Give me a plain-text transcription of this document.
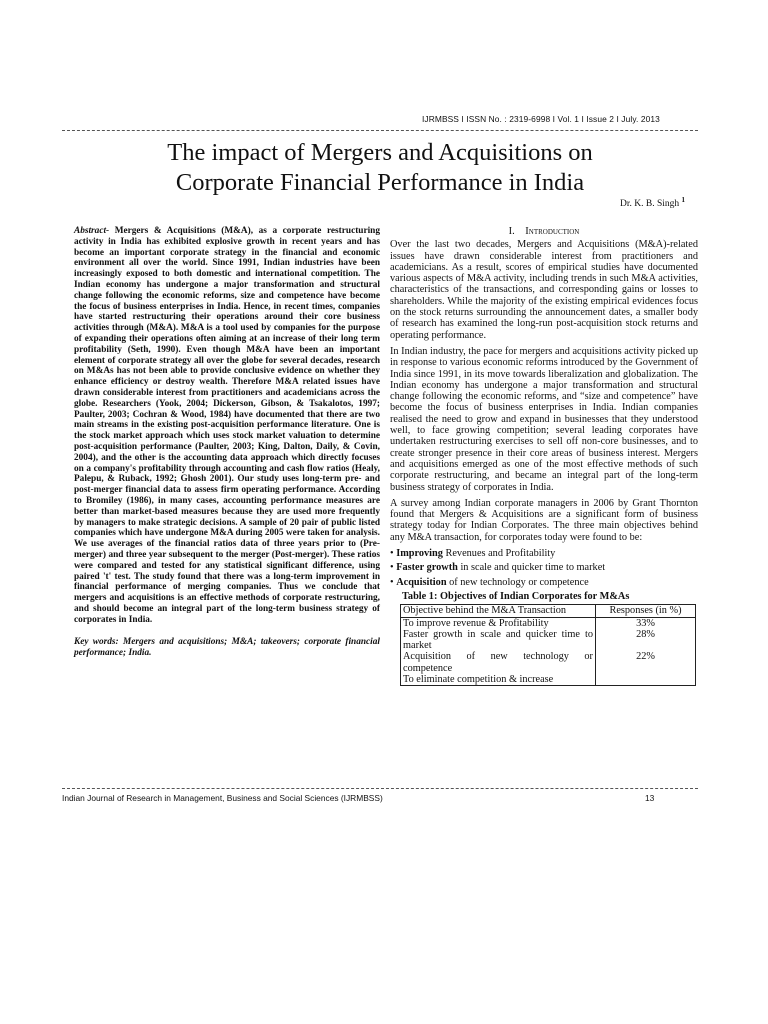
IJRMBSS I ISSN No. : 2319-6998 I Vol. 1 I Issue 2 I July. 2013
The impact of Mergers and Acquisitions on
Corporate Financial Performance in India
Dr. K. B. Singh $^1$

Abstract- Mergers & Acquisitions (M&A), as a corporate restructuring activity in India has exhibited explosive growth in recent years and has become an important corporate strategy in the financial and economic environment all over the world. Since 1991, Indian industries have been increasingly exposed to both domestic and international competition. The Indian economy has undergone a major transformation and structural change following the economic reforms, size and competence have become the focus of business enterprises in India. Hence, in recent times, companies have started restructuring their operations around their core business activities through (M&A). M&A is a tool used by companies for the purpose of expanding their operations often aiming at an increase of their long term profitability (Seth, 1990). Even though M&A have been an important element of corporate strategy all over the globe for several decades, research on M&As has not been able to provide conclusive evidence on whether they enhance efficiency or destroy wealth. Therefore M&A related issues have drawn considerable interest from practitioners and academicians across the globe. Researchers (Yook, 2004; Dickerson, Gibson, & Tsakalotos, 1997; Paulter, 2003; Cochran & Wood, 1984) have documented that there are two main streams in the existing post-acquisition performance literature. One is the stock market approach which uses stock market valuation to determine post-acquisition performance (Paulter, 2003; King, Dalton, Daily, & Covin, 2004), and the other is the accounting data approach which directly focuses on a company's profitability through accounting and cash flow ratios (Healy, Palepu, & Ruback, 1992; Ghosh 2001). Our study uses long-term pre- and post-merger financial data to assess firm operating performance. According to Bromiley (1986), in many cases, accounting performance measures are better than market-based measures because they are used more frequently by managers to make strategic decisions. A sample of 20 pair of public listed companies which have undergone M&A during 2005 were taken for analysis. We use averages of the financial ratios data of three years prior to (Pre-merger) and three year subsequent to the merger (Post-merger). These ratios were compared and tested for any statistical significant difference, using paired 't' test. The study found that there was a long-term improvement in financial performance of merging companies. Thus we conclude that mergers and acquisitions is an effective methods of corporate restructuring, and should become an integral part of the long-term business strategy of corporates in India.

Key words: Mergers and acquisitions; M&A; takeovers; corporate financial performance; India.

I. Introduction

Over the last two decades, Mergers and Acquisitions (M&A)-related issues have drawn considerable interest from practitioners and academicians. As a result, scores of empirical studies have documented various aspects of M&A activity, including trends in such M&A activities, characteristics of the transactions, and corresponding gains or losses to shareholders. While the majority of the existing empirical evidences focus on the stock returns surrounding the announcement dates, a smaller body of research has examined the long-run post-acquisition stock returns and operating performance.

In Indian industry, the pace for mergers and acquisitions activity picked up in response to various economic reforms introduced by the Government of India since 1991, in its move towards liberalization and globalization. The Indian economy has undergone a major transformation and structural change following the economic reforms, and “size and competence” have become the focus of business enterprises in India. Indian companies realised the need to grow and expand in businesses that they understood well, to face growing competition; several leading corporates have undertaken restructuring exercises to sell off non-core businesses, and to create stronger presence in their core areas of business interest. Mergers and acquisitions emerged as one of the most effective methods of such corporate restructuring, and became an integral part of the long-term business strategy of corporates in India.

A survey among Indian corporate managers in 2006 by Grant Thornton found that Mergers & Acquisitions are a significant form of business strategy today for Indian Corporates. The three main objectives behind any M&A transaction, for corporates today were found to be:

• Improving Revenues and Profitability
• Faster growth in scale and quicker time to market
• Acquisition of new technology or competence

Table 1: Objectives of Indian Corporates for M&As

Objective behind the M&A Transaction	Responses (in %)
To improve revenue & Profitability	33%
Faster growth in scale and quicker time to market	28%
Acquisition of new technology or competence	22%
To eliminate competition & increase	
Indian Journal of Research in Management, Business and Social Sciences (IJRMBSS)	13
